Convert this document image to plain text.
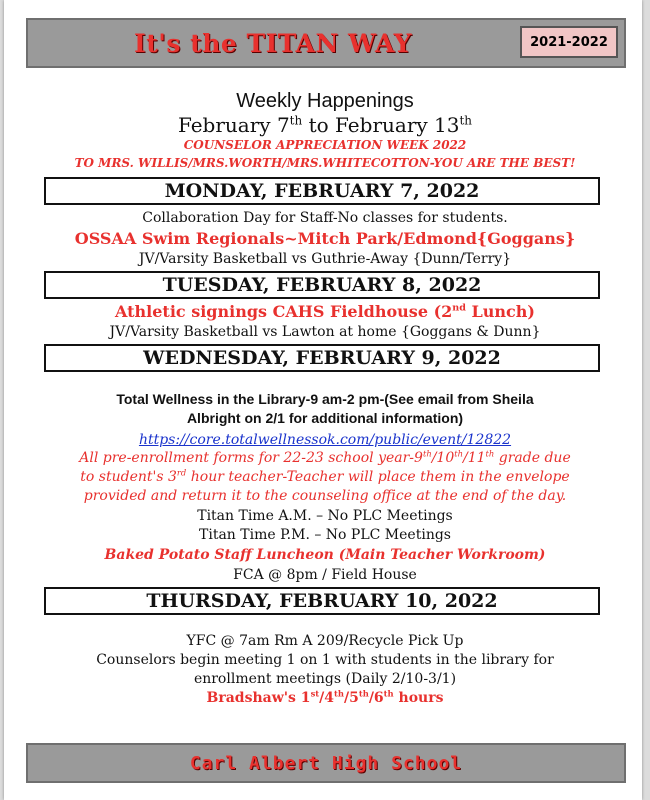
It's the TITAN WAY	2021-2022
Weekly Happenings
February 7th to February 13th
COUNSELOR APPRECIATION WEEK 2022
TO MRS. WILLIS/MRS.WORTH/MRS.WHITECOTTON-YOU ARE THE BEST!
MONDAY, FEBRUARY 7, 2022
Collaboration Day for Staff-No classes for students.
OSSAA Swim Regionals~Mitch Park/Edmond{Goggans}
JV/Varsity Basketball vs Guthrie-Away {Dunn/Terry}
TUESDAY, FEBRUARY 8, 2022
Athletic signings CAHS Fieldhouse (2nd Lunch)
JV/Varsity Basketball vs Lawton at home {Goggans & Dunn}
WEDNESDAY, FEBRUARY 9, 2022
Total Wellness in the Library-9 am-2 pm-(See email from Sheila
Albright on 2/1 for additional information)
https://core.totalwellnessok.com/public/event/12822
All pre-enrollment forms for 22-23 school year-9th/10th/11th grade due
to student's 3rd hour teacher-Teacher will place them in the envelope
provided and return it to the counseling office at the end of the day.
Titan Time A.M. – No PLC Meetings
Titan Time P.M. – No PLC Meetings
Baked Potato Staff Luncheon (Main Teacher Workroom)
FCA @ 8pm / Field House
THURSDAY, FEBRUARY 10, 2022
YFC @ 7am Rm A 209/Recycle Pick Up
Counselors begin meeting 1 on 1 with students in the library for
enrollment meetings (Daily 2/10-3/1)
Bradshaw's 1st/4th/5th/6th hours
Carl Albert High School
